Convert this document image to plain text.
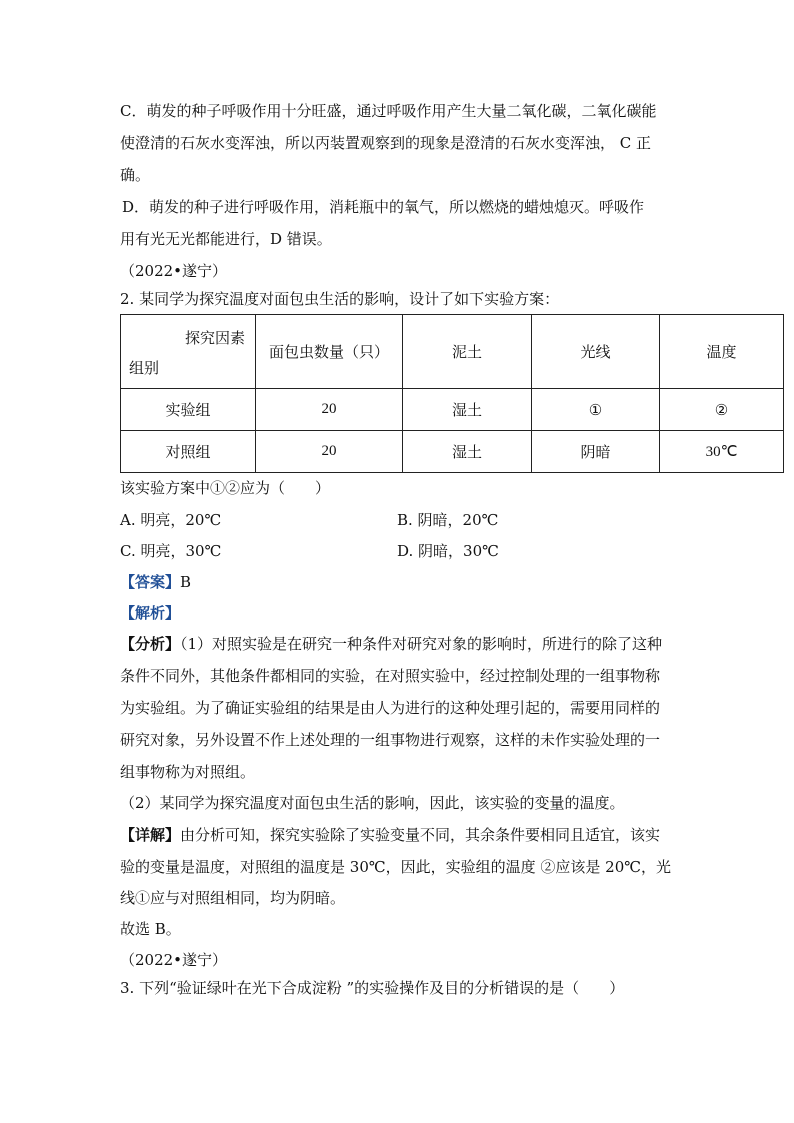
C．萌发的种子呼吸作用十分旺盛，通过呼吸作用产生大量二氧化碳，二氧化碳能
使澄清的石灰水变浑浊，所以丙装置观察到的现象是澄清的石灰水变浑浊， C 正
确。
D．萌发的种子进行呼吸作用，消耗瓶中的氧气，所以燃烧的蜡烛熄灭。呼吸作
用有光无光都能进行，D 错误。
（2022•遂宁）
2. 某同学为探究温度对面包虫生活的影响，设计了如下实验方案：
探究因素
组别	面包虫数量（只）	泥土	光线	温度
实验组	20	湿土	①	②
对照组	20	湿土	阴暗	30℃
该实验方案中①②应为（　　）
A. 明亮，20℃	B. 阴暗，20℃
C. 明亮，30℃	D. 阴暗，30℃
【答案】B
【解析】
【分析】（1）对照实验是在研究一种条件对研究对象的影响时，所进行的除了这种
条件不同外，其他条件都相同的实验，在对照实验中，经过控制处理的一组事物称
为实验组。为了确证实验组的结果是由人为进行的这种处理引起的，需要用同样的
研究对象，另外设置不作上述处理的一组事物进行观察，这样的未作实验处理的一
组事物称为对照组。
（2）某同学为探究温度对面包虫生活的影响，因此，该实验的变量的温度。
【详解】由分析可知，探究实验除了实验变量不同，其余条件要相同且适宜，该实
验的变量是温度，对照组的温度是 30℃，因此，实验组的温度 ②应该是 20℃，光
线①应与对照组相同，均为阴暗。
故选 B。
（2022•遂宁）
3. 下列“验证绿叶在光下合成淀粉 ”的实验操作及目的分析错误的是（　　）
